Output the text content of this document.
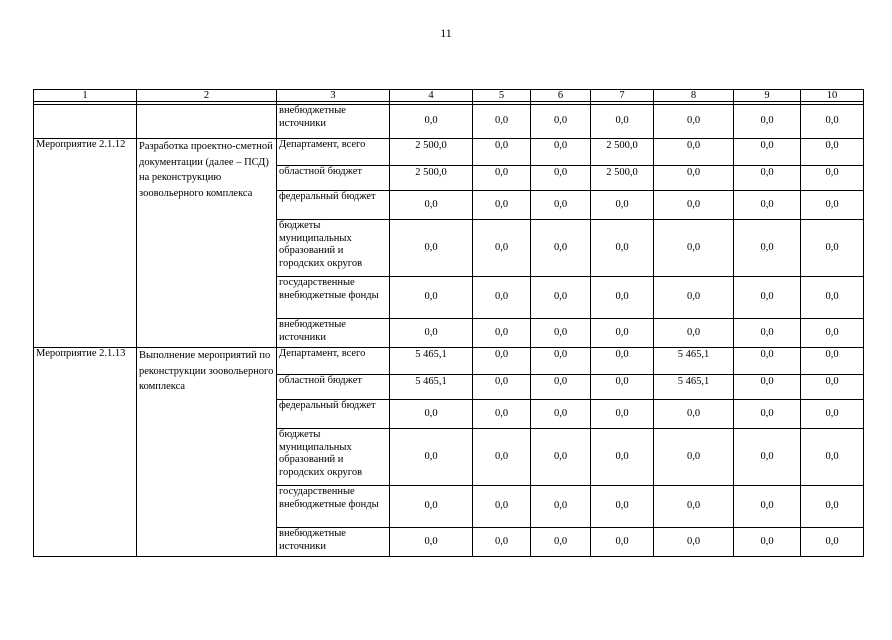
11
1	2	3	4	5	6	7	8	9	10

		внебюджетные источники	0,0	0,0	0,0	0,0	0,0	0,0	0,0
Мероприятие 2.1.12	Разработка проектно-сметной документации (далее – ПСД) на реконструкцию зоовольерного комплекса	Департамент, всего	2 500,0	0,0	0,0	2 500,0	0,0	0,0	0,0
		областной бюджет	2 500,0	0,0	0,0	2 500,0	0,0	0,0	0,0
		федеральный бюджет	0,0	0,0	0,0	0,0	0,0	0,0	0,0
		бюджеты муниципальных образований и городских округов	0,0	0,0	0,0	0,0	0,0	0,0	0,0
		государственные внебюджетные фонды	0,0	0,0	0,0	0,0	0,0	0,0	0,0
		внебюджетные источники	0,0	0,0	0,0	0,0	0,0	0,0	0,0
Мероприятие 2.1.13	Выполнение мероприятий по реконструкции зоовольерного комплекса	Департамент, всего	5 465,1	0,0	0,0	0,0	5 465,1	0,0	0,0
		областной бюджет	5 465,1	0,0	0,0	0,0	5 465,1	0,0	0,0
		федеральный бюджет	0,0	0,0	0,0	0,0	0,0	0,0	0,0
		бюджеты муниципальных образований и городских округов	0,0	0,0	0,0	0,0	0,0	0,0	0,0
		государственные внебюджетные фонды	0,0	0,0	0,0	0,0	0,0	0,0	0,0
		внебюджетные источники	0,0	0,0	0,0	0,0	0,0	0,0	0,0
